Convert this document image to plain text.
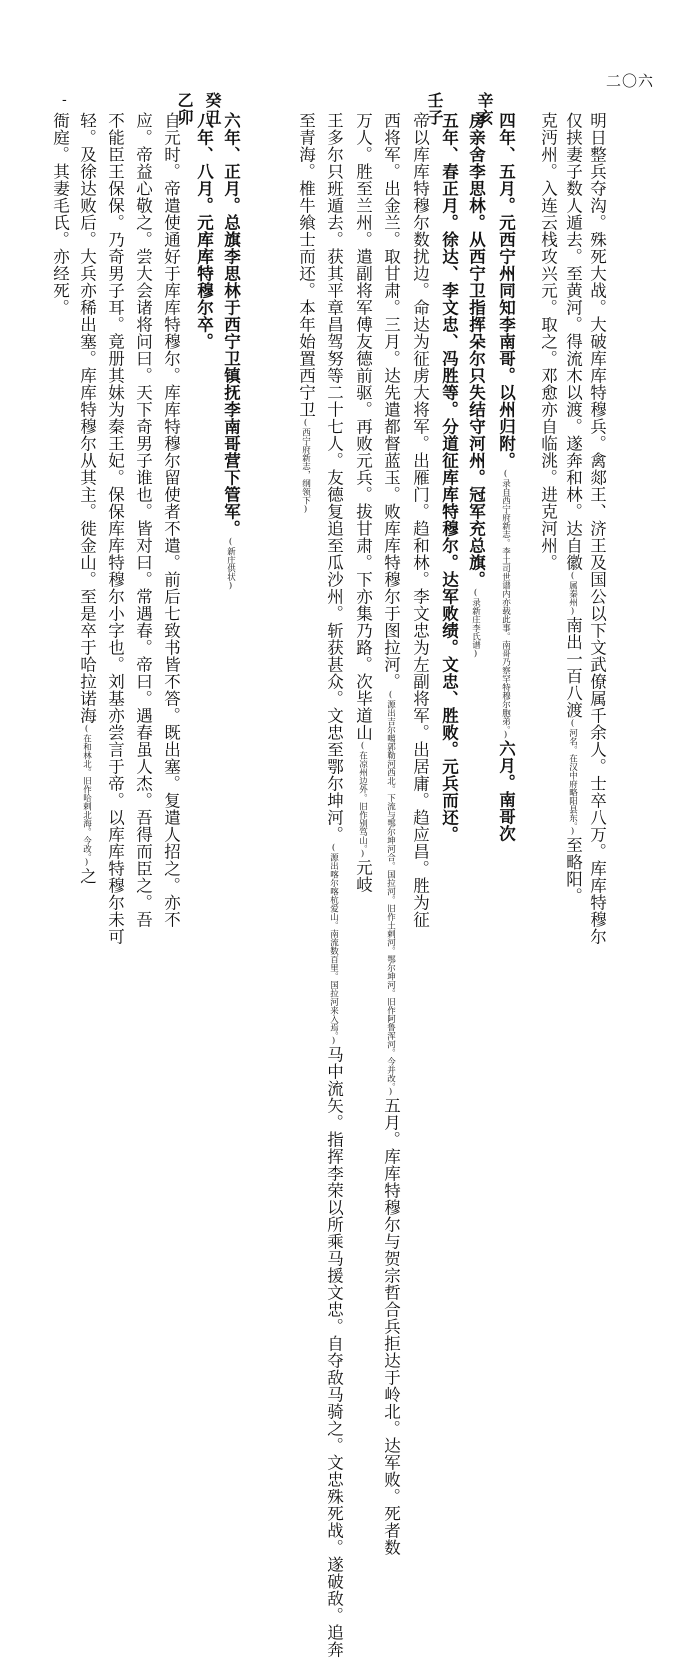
二〇六
-	辛亥
壬子
癸丑
乙卯
明日整兵夺沟。殊死大战。大破库库特穆兵。禽郯王、济王及国公以下文武僚属千余人。士卒八万。库库特穆尔
仅挟妻子数人遁去。至黄河。得流木以渡。遂奔和林。达自徽(属秦州)南出一百八渡(河名。在汉中府略阳县东。)至略阳。
克沔州。入连云栈攻兴元。取之。邓愈亦自临洮。进克河州。
四年、五月。元西宁州同知李南哥。以州归附。(录自西宁府新志。李土司世谱内亦载此事。南哥乃察罕特穆尔胞弟。)六月。南哥次
房亲舍李思林。从西宁卫指挥朵尔只失结守河州。冠军充总旗。(录新庄李氏谱)
五年、春正月。徐达、李文忠、冯胜等。分道征库库特穆尔。达军败绩。文忠、胜败。元兵而还。
帝以库库特穆尔数扰边。命达为征虏大将军。出雁门。趋和林。李文忠为左副将军。出居庸。趋应昌。胜为征
西将军。出金兰。取甘肃。三月。达先遣都督蓝玉。败库库特穆尔于图拉河。(源出吉尔噶郭勒河西北。下流与鄂尔坤河合。国拉河。旧作土剌河。鄂尔坤河。旧作阿鲁浑河。今并改。)五月。库库特穆尔与贺宗哲合兵拒达于岭北。达军败。死者数
万人。胜至兰州。遣副将军傅友德前驱。再败元兵。拔甘肃。下亦集乃路。次毕道山(在凉州边外。旧作别笃山。)元岐
王多尔只班遁去。获其平章昌驾努等二十七人。友德复追至瓜沙州。斩获甚众。文忠至鄂尔坤河。(源出喀尔喀杭爱山。南流数百里。国拉河来入焉。)马中流矢。指挥李荣以所乘马援文忠。自夺敌马骑之。文忠殊死战。遂破敌。追奔
至青海。椎牛飨士而还。本年始置西宁卫(西宁府新志，纲领下)
六年、正月。总旗李思林于西宁卫镇抚李南哥营下管军。(新庄供状)
八年、八月。元库库特穆尔卒。
自元时。帝遣使通好于库库特穆尔。库库特穆尔留使者不遣。前后七致书皆不答。既出塞。复遣人招之。亦不
应。帝益心敬之。尝大会诸将问曰。天下奇男子谁也。皆对曰。常遇春。帝曰。遇春虽人杰。吾得而臣之。吾
不能臣王保保。乃奇男子耳。竟册其妹为秦王妃。保保库库特穆尔小字也。刘基亦尝言于帝。以库库特穆尔未可
轻。及徐达败后。大兵亦稀出塞。库库特穆尔从其主。徙金山。至是卒于哈拉诺海(在和林北。旧作哈剌北海。今改。)之
衙庭。其妻毛氏。亦经死。
